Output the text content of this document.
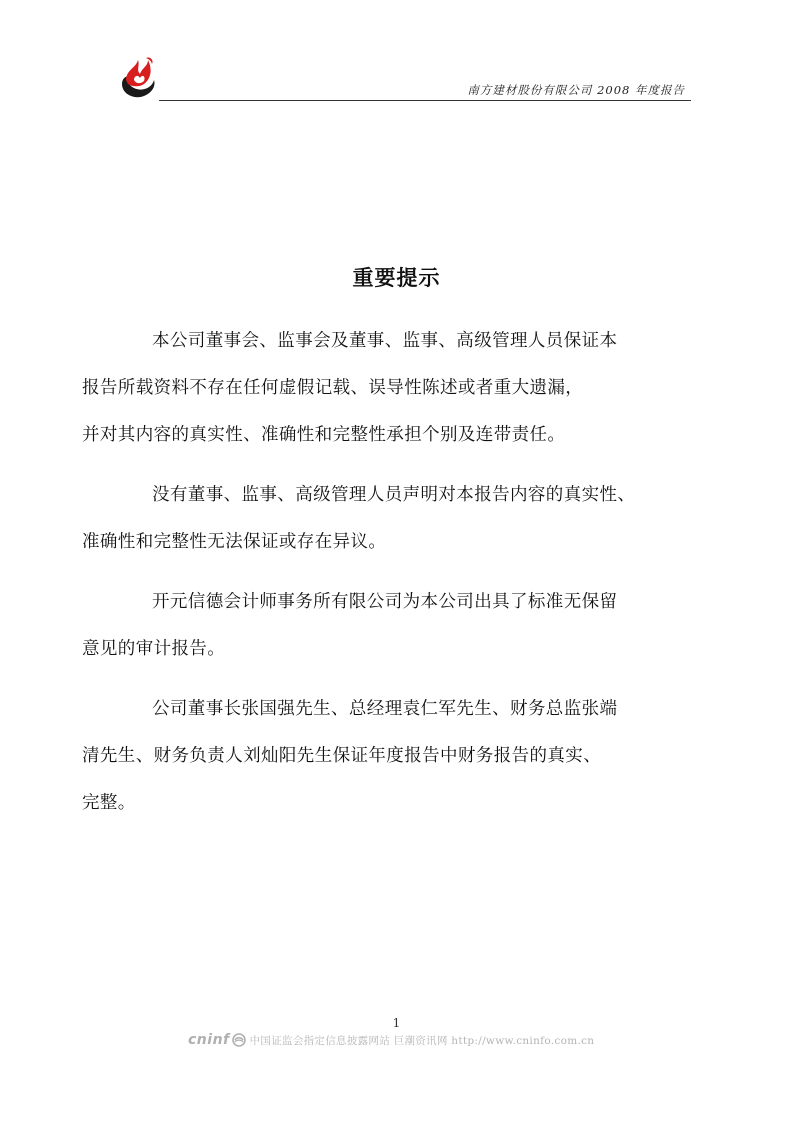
南方建材股份有限公司 2008 年度报告
重要提示

本公司董事会、监事会及董事、监事、高级管理人员保证本
报告所载资料不存在任何虚假记载、误导性陈述或者重大遗漏，
并对其内容的真实性、准确性和完整性承担个别及连带责任。

没有董事、监事、高级管理人员声明对本报告内容的真实性、
准确性和完整性无法保证或存在异议。

开元信德会计师事务所有限公司为本公司出具了标准无保留
意见的审计报告。

公司董事长张国强先生、总经理袁仁军先生、财务总监张端
清先生、财务负责人刘灿阳先生保证年度报告中财务报告的真实、
完整。

1
cninf 中国证监会指定信息披露网站 巨潮资讯网 http://www.cninfo.com.cn
